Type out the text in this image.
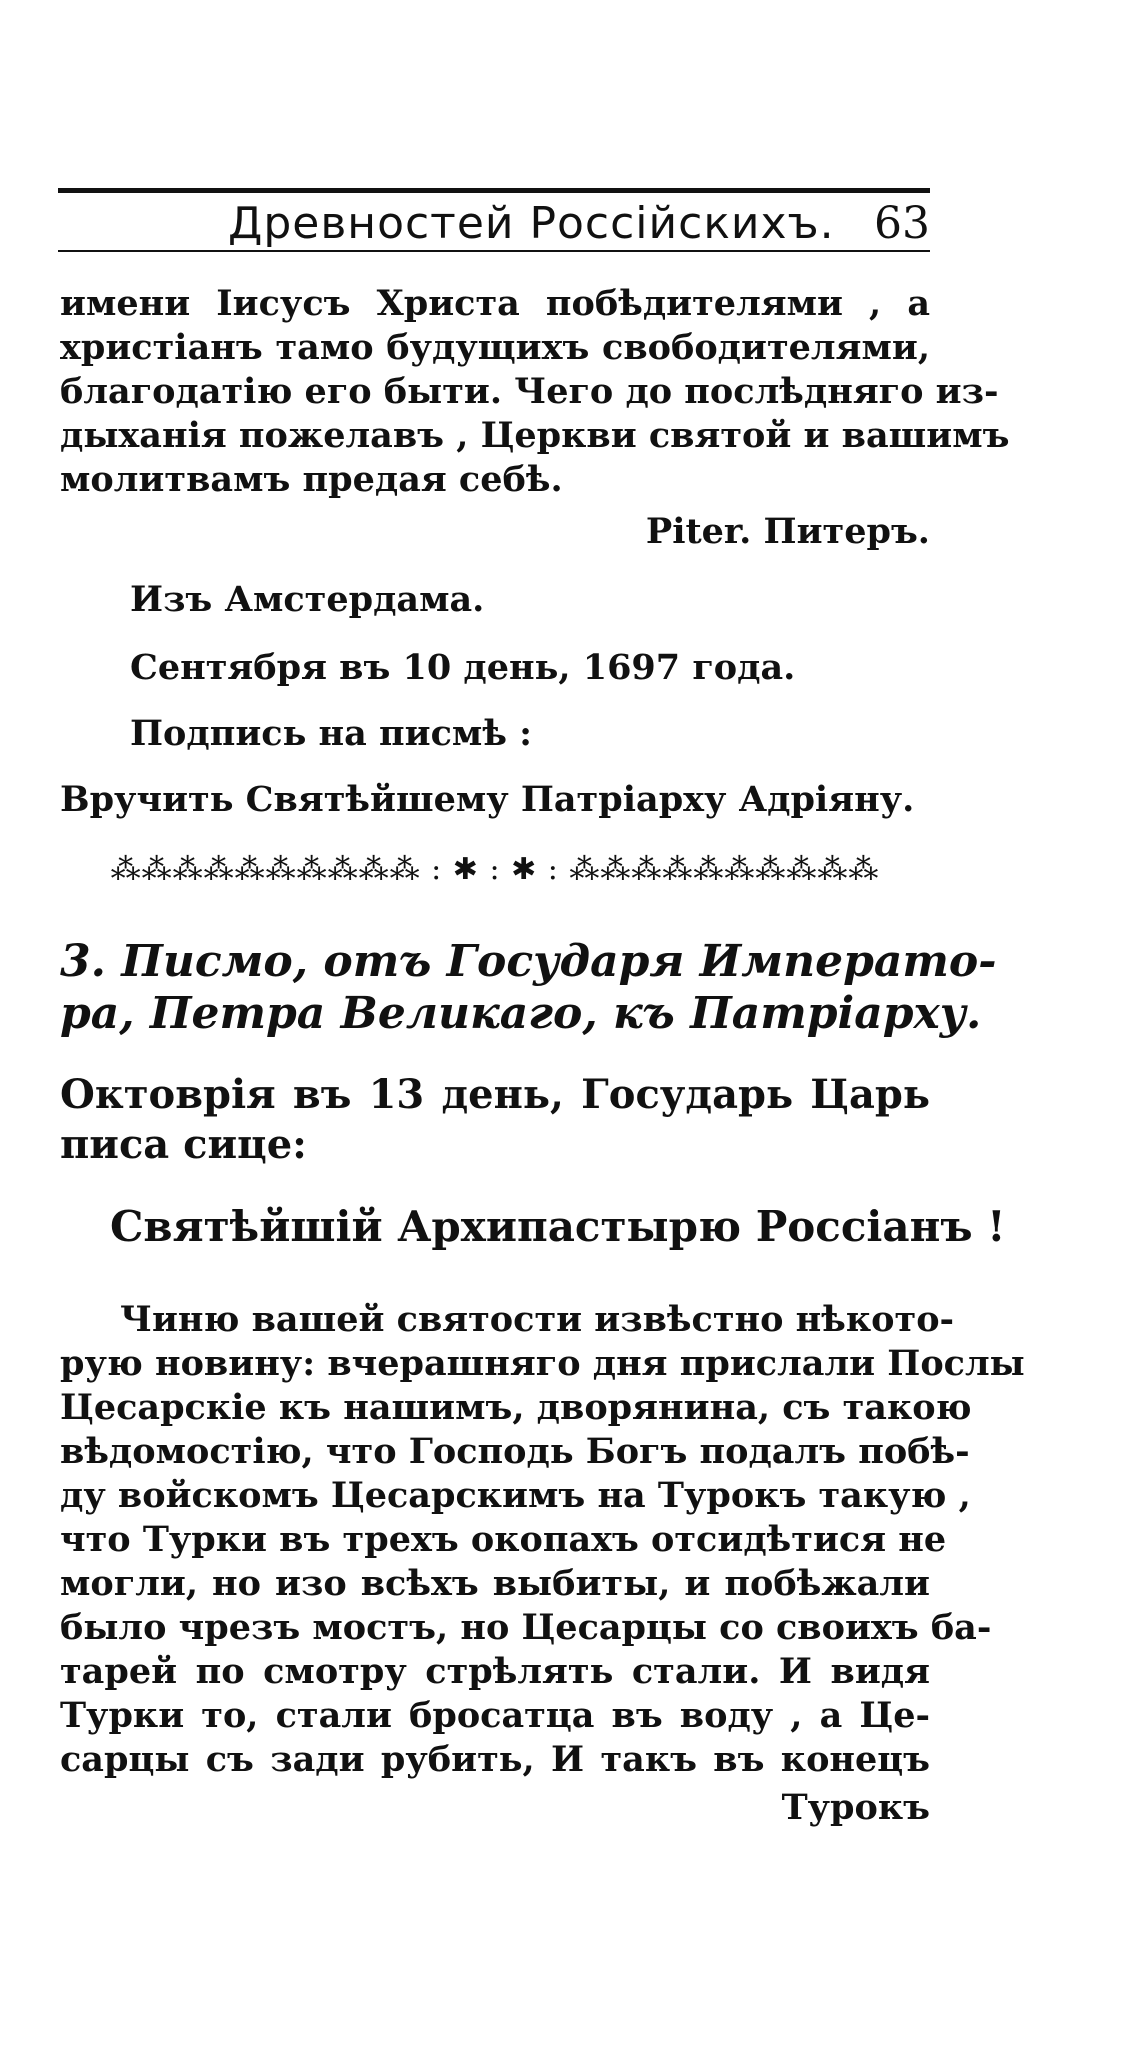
Древностей Россійскихъ. 63
имени Іисусъ Христа побѣдителями , а
христіанъ тамо будущихъ свободителями,
благодатію его быти. Чего до послѣдняго из-
дыханія пожелавъ , Церкви святой и вашимъ
молитвамъ предая себѣ.
Piter. Питеръ.
Изъ Амстердама.
Сентября въ 10 день, 1697 года.
Подпись на писмѣ :
Вручить Святѣйшему Патріарху Адріяну.
⁂⁂⁂⁂⁂⁂⁂⁂⁂⁂ : ✱ : ✱ : ⁂⁂⁂⁂⁂⁂⁂⁂⁂⁂
3. Писмо, отъ Государя Императо-
ра, Петра Великаго, къ Патріарху.
Октоврія въ 13 день, Государь Царь
писа сице:
Святѣйшій Архипастырю Россіанъ !
Чиню вашей святости извѣстно нѣкото-
рую новину: вчерашняго дня прислали Послы
Цесарскіе къ нашимъ, дворянина, съ такою
вѣдомостію, что Господь Богъ подалъ побѣ-
ду войскомъ Цесарскимъ на Турокъ такую ,
что Турки въ трехъ окопахъ отсидѣтися не
могли, но изо всѣхъ выбиты, и побѣжали
было чрезъ мостъ, но Цесарцы со своихъ ба-
тарей по смотру стрѣлять стали. И видя
Турки то, стали бросатца въ воду , а Це-
сарцы съ зади рубить, И такъ въ конецъ
Турокъ
